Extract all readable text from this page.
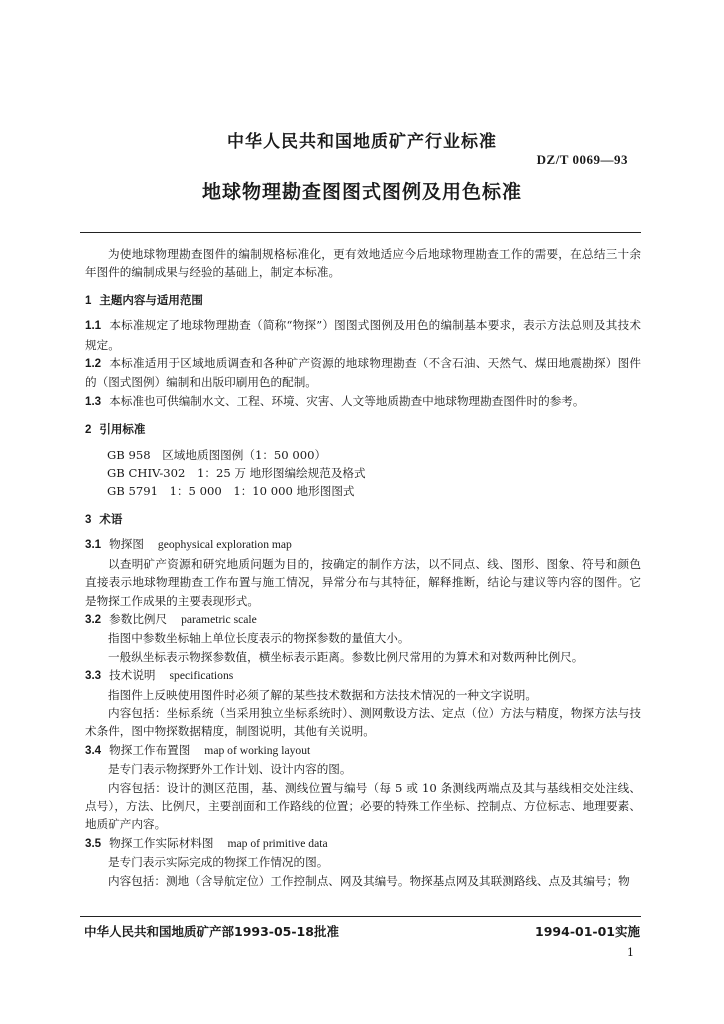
中华人民共和国地质矿产行业标准
DZ/T 0069—93
地球物理勘查图图式图例及用色标准

为使地球物理勘查图件的编制规格标准化，更有效地适应今后地球物理勘查工作的需要，在总结三十余年图件的编制成果与经验的基础上，制定本标准。

1 主题内容与适用范围

1.1 本标准规定了地球物理勘查（简称“物探”）图图式图例及用色的编制基本要求，表示方法总则及其技术规定。

1.2 本标准适用于区域地质调查和各种矿产资源的地球物理勘查（不含石油、天然气、煤田地震勘探）图件的（图式图例）编制和出版印刷用色的配制。

1.3 本标准也可供编制水文、工程、环境、灾害、人文等地质勘查中地球物理勘查图件时的参考。

2 引用标准

GB 958　区域地质图图例（1：50 000）

GB CHIV-302　1：25 万 地形图编绘规范及格式

GB 5791　1：5 000　1：10 000 地形图图式

3 术语

3.1 物探图 geophysical exploration map

以查明矿产资源和研究地质问题为目的，按确定的制作方法，以不同点、线、图形、图象、符号和颜色直接表示地球物理勘查工作布置与施工情况，异常分布与其特征，解释推断，结论与建议等内容的图件。它是物探工作成果的主要表现形式。

3.2 参数比例尺 parametric scale

指图中参数坐标轴上单位长度表示的物探参数的量值大小。

一般纵坐标表示物探参数值，横坐标表示距离。参数比例尺常用的为算术和对数两种比例尺。

3.3 技术说明 specifications

指图件上反映使用图件时必须了解的某些技术数据和方法技术情况的一种文字说明。

内容包括：坐标系统（当采用独立坐标系统时）、测网敷设方法、定点（位）方法与精度，物探方法与技术条件，图中物探数据精度，制图说明，其他有关说明。

3.4 物探工作布置图 map of working layout

是专门表示物探野外工作计划、设计内容的图。

内容包括：设计的测区范围，基、测线位置与编号（每 5 或 10 条测线两端点及其与基线相交处注线、点号），方法、比例尺，主要剖面和工作路线的位置；必要的特殊工作坐标、控制点、方位标志、地理要素、地质矿产内容。

3.5 物探工作实际材料图 map of primitive data

是专门表示实际完成的物探工作情况的图。

内容包括：测地（含导航定位）工作控制点、网及其编号。物探基点网及其联测路线、点及其编号；物

中华人民共和国地质矿产部1993-05-18批准	1994-01-01实施
1
